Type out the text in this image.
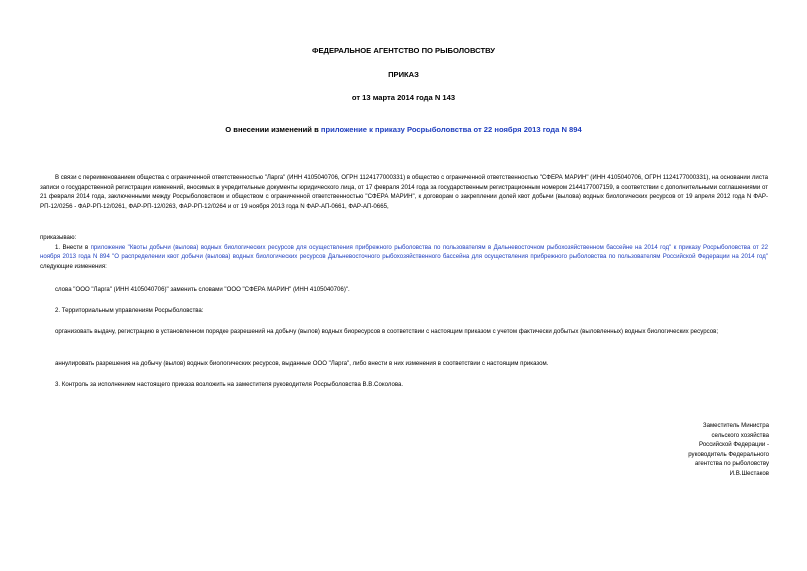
ФЕДЕРАЛЬНОЕ АГЕНТСТВО ПО РЫБОЛОВСТВУ
ПРИКАЗ
от 13 марта 2014 года N 143
О внесении изменений в приложение к приказу Росрыболовства от 22 ноября 2013 года N 894

В связи с переименованием общества с ограниченной ответственностью "Ларга" (ИНН 4105040706, ОГРН 1124177000331) в общество с ограниченной ответственностью "СФЕРА МАРИН" (ИНН 4105040706, ОГРН 1124177000331), на основании листа записи о государственной регистрации изменений, вносимых в учредительные документы юридического лица, от 17 февраля 2014 года за государственным регистрационным номером 2144177007159, в соответствии с дополнительными соглашениями от 21 февраля 2014 года, заключенными между Росрыболовством и обществом с ограниченной ответственностью "СФЕРА МАРИН", к договорам о закреплении долей квот добычи (вылова) водных биологических ресурсов от 19 апреля 2012 года N ФАР-РП-12/0256 - ФАР-РП-12/0261, ФАР-РП-12/0263, ФАР-РП-12/0264 и от 19 ноября 2013 года N ФАР-АП-0661, ФАР-АП-0665,

приказываю:

1. Внести в приложение "Квоты добычи (вылова) водных биологических ресурсов для осуществления прибрежного рыболовства по пользователям в Дальневосточном рыбохозяйственном бассейне на 2014 год" к приказу Росрыболовства от 22 ноября 2013 года N 894 "О распределении квот добычи (вылова) водных биологических ресурсов Дальневосточного рыбохозяйственного бассейна для осуществления прибрежного рыболовства по пользователям Российской Федерации на 2014 год" следующие изменения:

слова "ООО "Ларга" (ИНН 4105040706)" заменить словами "ООО "СФЕРА МАРИН" (ИНН 4105040706)".

2. Территориальным управлениям Росрыболовства:

организовать выдачу, регистрацию в установленном порядке разрешений на добычу (вылов) водных биоресурсов в соответствии с настоящим приказом с учетом фактически добытых (выловленных) водных биологических ресурсов;

аннулировать разрешения на добычу (вылов) водных биологических ресурсов, выданные ООО "Ларга", либо внести в них изменения в соответствии с настоящим приказом.

3. Контроль за исполнением настоящего приказа возложить на заместителя руководителя Росрыболовства В.В.Соколова.

Заместитель Министра
сельского хозяйства
Российской Федерации -
руководитель Федерального
агентства по рыболовству
И.В.Шестаков
